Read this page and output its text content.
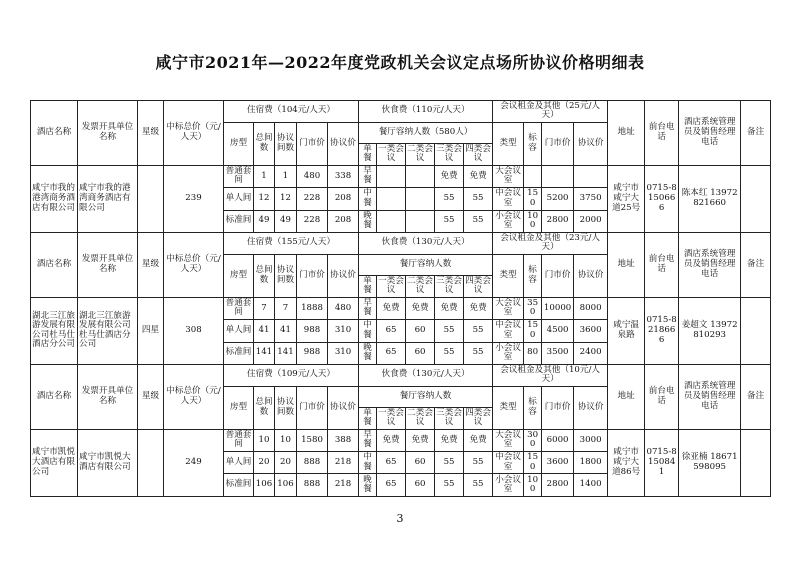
咸宁市2021年—2022年度党政机关会议定点场所协议价格明细表
酒店名称	发票开具单位名称	星级	中标总价（元/人天）	住宿费（104元/人天）					伙食费（110元/人天）					会议租金及其他（25元/人天）				地址	前台电话	酒店系统管理员及销售经理电话	备注
				房型	总间数	协议间数	门市价	协议价	餐厅容纳人数（580人）					类型	标容	门市价	协议价				
									单餐	一类会议	二类会议	三类会议	四类会议								
咸宁市我的港湾商务酒店有限公司	咸宁市我的港湾商务酒店有限公司		239	普通套间	1	1	480	338	早餐			免费	免费	大会议室				咸宁市咸宁大道25号	0715-8150666	陈本红 13972821660	
				单人间	12	12	228	208	中餐			55	55	中会议室	150	5200	3750				
				标准间	49	49	228	208	晚餐			55	55	小会议室	100	2800	2000				
酒店名称	发票开具单位名称	星级	中标总价（元/人天）	住宿费（155元/人天）					伙食费（130元/人天）					会议租金及其他（23元/人天）				地址	前台电话	酒店系统管理员及销售经理电话	备注
				房型	总间数	协议间数	门市价	协议价	餐厅容纳人数					类型	标容	门市价	协议价				
									单餐	一类会议	二类会议	三类会议	四类会议								
湖北三江旅游发展有限公司杜马仕酒店分公司	湖北三江旅游发展有限公司杜马仕酒店分公司	四星	308	普通套间	7	7	1888	480	早餐	免费	免费	免费	免费	大会议室	350	10000	8000	咸宁温泉路	0715-8218666	姜超文 13972810293	
				单人间	41	41	988	310	中餐	65	60	55	55	中会议室	150	4500	3600				
				标准间	141	141	988	310	晚餐	65	60	55	55	小会议室	80	3500	2400				
酒店名称	发票开具单位名称	星级	中标总价（元/人天）	住宿费（109元/人天）					伙食费（130元/人天）					会议租金及其他（10元/人天）				地址	前台电话	酒店系统管理员及销售经理电话	备注
				房型	总间数	协议间数	门市价	协议价	餐厅容纳人数					类型	标容	门市价	协议价				
									单餐	一类会议	二类会议	三类会议	四类会议								
咸宁市凯悦大酒店有限公司	咸宁市凯悦大酒店有限公司		249	普通套间	10	10	1580	388	早餐	免费	免费	免费	免费	大会议室	300	6000	3000	咸宁市咸宁大道86号	0715-8150841	徐亚楠 18671598095	
				单人间	20	20	888	218	中餐	65	60	55	55	中会议室	150	3600	1800				
				标准间	106	106	888	218	晚餐	65	60	55	55	小会议室	100	2800	1400				
3
